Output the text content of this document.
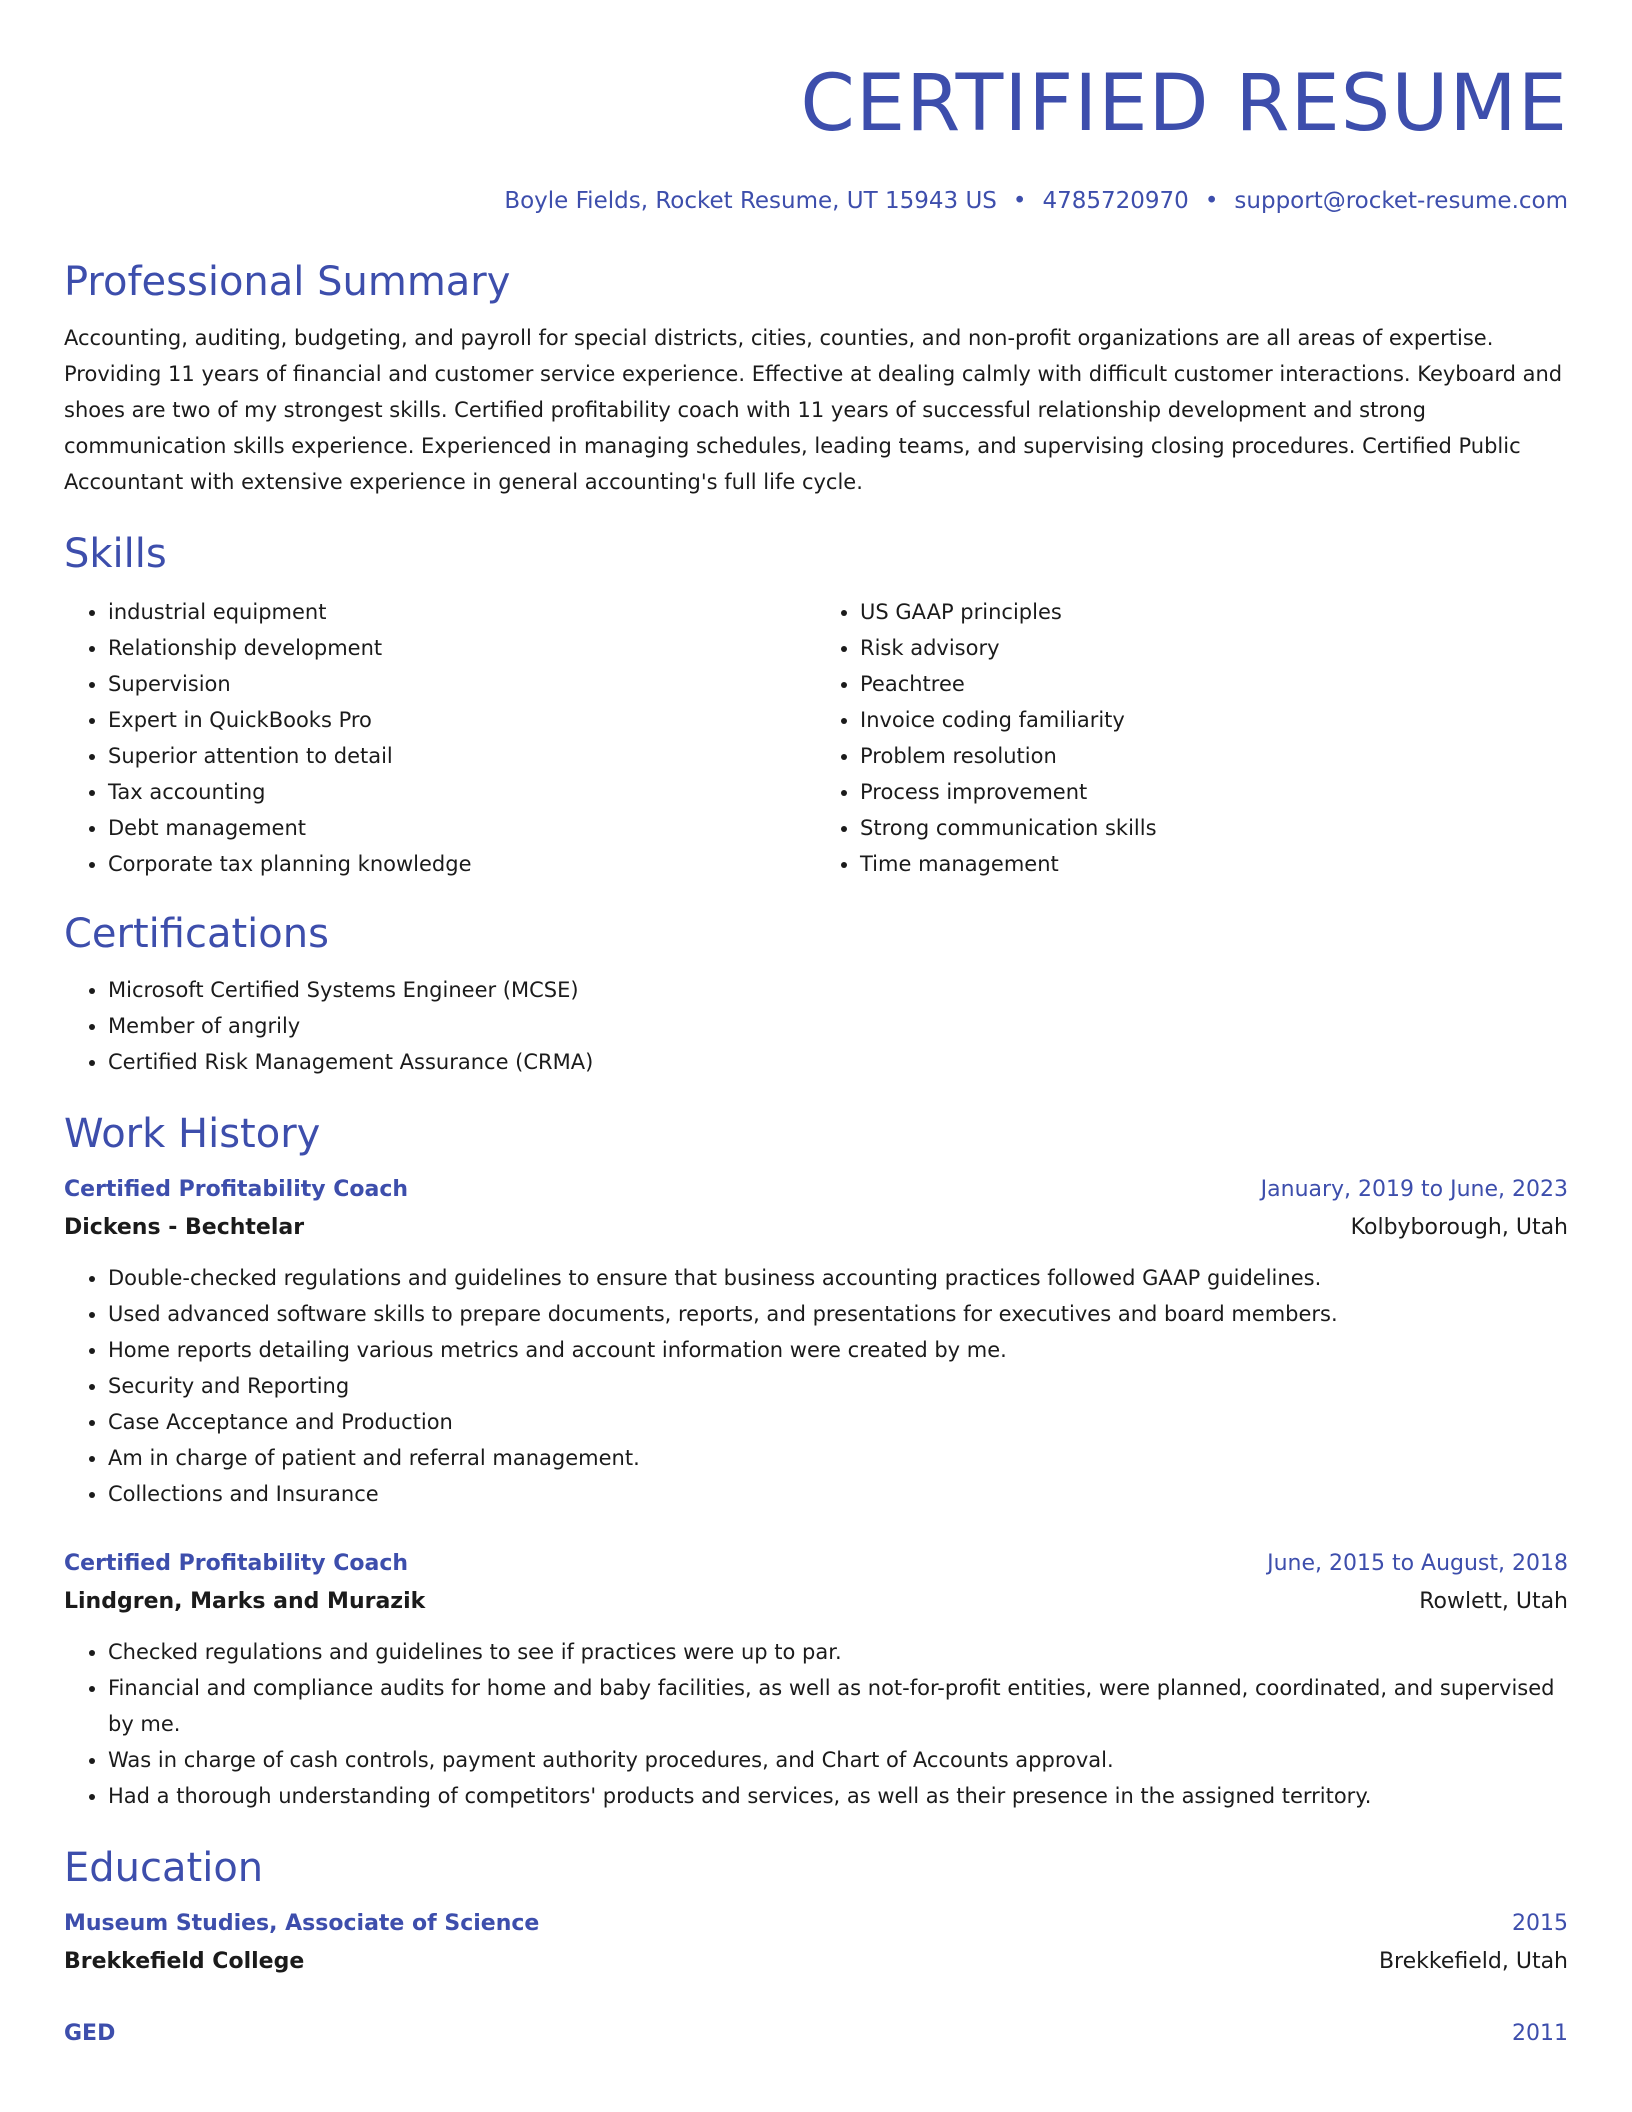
CERTIFIED RESUME
Boyle Fields, Rocket Resume, UT 15943 US • 4785720970 • support@rocket-resume.com
Professional Summary
Accounting, auditing, budgeting, and payroll for special districts, cities, counties, and non-profit organizations are all areas of expertise. Providing 11 years of financial and customer service experience. Effective at dealing calmly with difficult customer interactions. Keyboard and shoes are two of my strongest skills. Certified profitability coach with 11 years of successful relationship development and strong communication skills experience. Experienced in managing schedules, leading teams, and supervising closing procedures. Certified Public Accountant with extensive experience in general accounting's full life cycle.
Skills
• industrial equipment
• Relationship development
• Supervision
• Expert in QuickBooks Pro
• Superior attention to detail
• Tax accounting
• Debt management
• Corporate tax planning knowledge
• US GAAP principles
• Risk advisory
• Peachtree
• Invoice coding familiarity
• Problem resolution
• Process improvement
• Strong communication skills
• Time management
Certifications
• Microsoft Certified Systems Engineer (MCSE)
• Member of angrily
• Certified Risk Management Assurance (CRMA)
Work History
Certified Profitability Coach	January, 2019 to June, 2023
Dickens - Bechtelar	Kolbyborough, Utah
• Double-checked regulations and guidelines to ensure that business accounting practices followed GAAP guidelines.
• Used advanced software skills to prepare documents, reports, and presentations for executives and board members.
• Home reports detailing various metrics and account information were created by me.
• Security and Reporting
• Case Acceptance and Production
• Am in charge of patient and referral management.
• Collections and Insurance
Certified Profitability Coach	June, 2015 to August, 2018
Lindgren, Marks and Murazik	Rowlett, Utah
• Checked regulations and guidelines to see if practices were up to par.
• Financial and compliance audits for home and baby facilities, as well as not-for-profit entities, were planned, coordinated, and supervised by me.
• Was in charge of cash controls, payment authority procedures, and Chart of Accounts approval.
• Had a thorough understanding of competitors' products and services, as well as their presence in the assigned territory.
Education
Museum Studies, Associate of Science	2015
Brekkefield College	Brekkefield, Utah
GED	2011
